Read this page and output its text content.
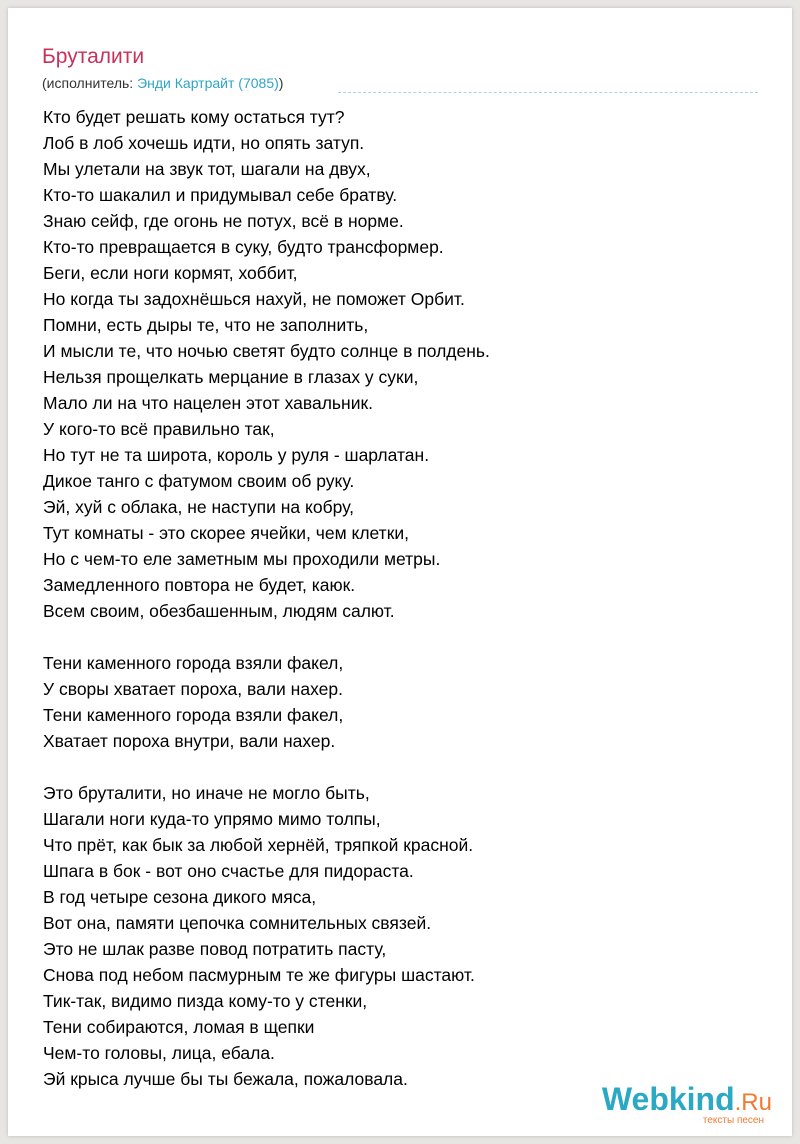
Бруталити
(исполнитель: Энди Картрайт (7085))
Кто будет решать кому остаться тут?
Лоб в лоб хочешь идти, но опять затуп.
Мы улетали на звук тот, шагали на двух,
Кто-то шакалил и придумывал себе братву.
Знаю сейф, где огонь не потух, всё в норме.
Кто-то превращается в суку, будто трансформер.
Беги, если ноги кормят, хоббит,
Но когда ты задохнёшься нахуй, не поможет Орбит.
Помни, есть дыры те, что не заполнить,
И мысли те, что ночью светят будто солнце в полдень.
Нельзя прощелкать мерцание в глазах у суки,
Мало ли на что нацелен этот хавальник.
У кого-то всё правильно так,
Но тут не та широта, король у руля - шарлатан.
Дикое танго с фатумом своим об руку.
Эй, хуй с облака, не наступи на кобру,
Тут комнаты - это скорее ячейки, чем клетки,
Но с чем-то еле заметным мы проходили метры.
Замедленного повтора не будет, каюк.
Всем своим, обезбашенным, людям салют.
Тени каменного города взяли факел,
У своры хватает пороха, вали нахер.
Тени каменного города взяли факел,
Хватает пороха внутри, вали нахер.
Это бруталити, но иначе не могло быть,
Шагали ноги куда-то упрямо мимо толпы,
Что прёт, как бык за любой хернёй, тряпкой красной.
Шпага в бок - вот оно счастье для пидораста.
В год четыре сезона дикого мяса,
Вот она, памяти цепочка сомнительных связей.
Это не шлак разве повод потратить пасту,
Снова под небом пасмурным те же фигуры шастают.
Тик-так, видимо пизда кому-то у стенки,
Тени собираются, ломая в щепки
Чем-то головы, лица, ебала.
Эй крыса лучше бы ты бежала, пожаловала.
Webkind.Ru
тексты песен
